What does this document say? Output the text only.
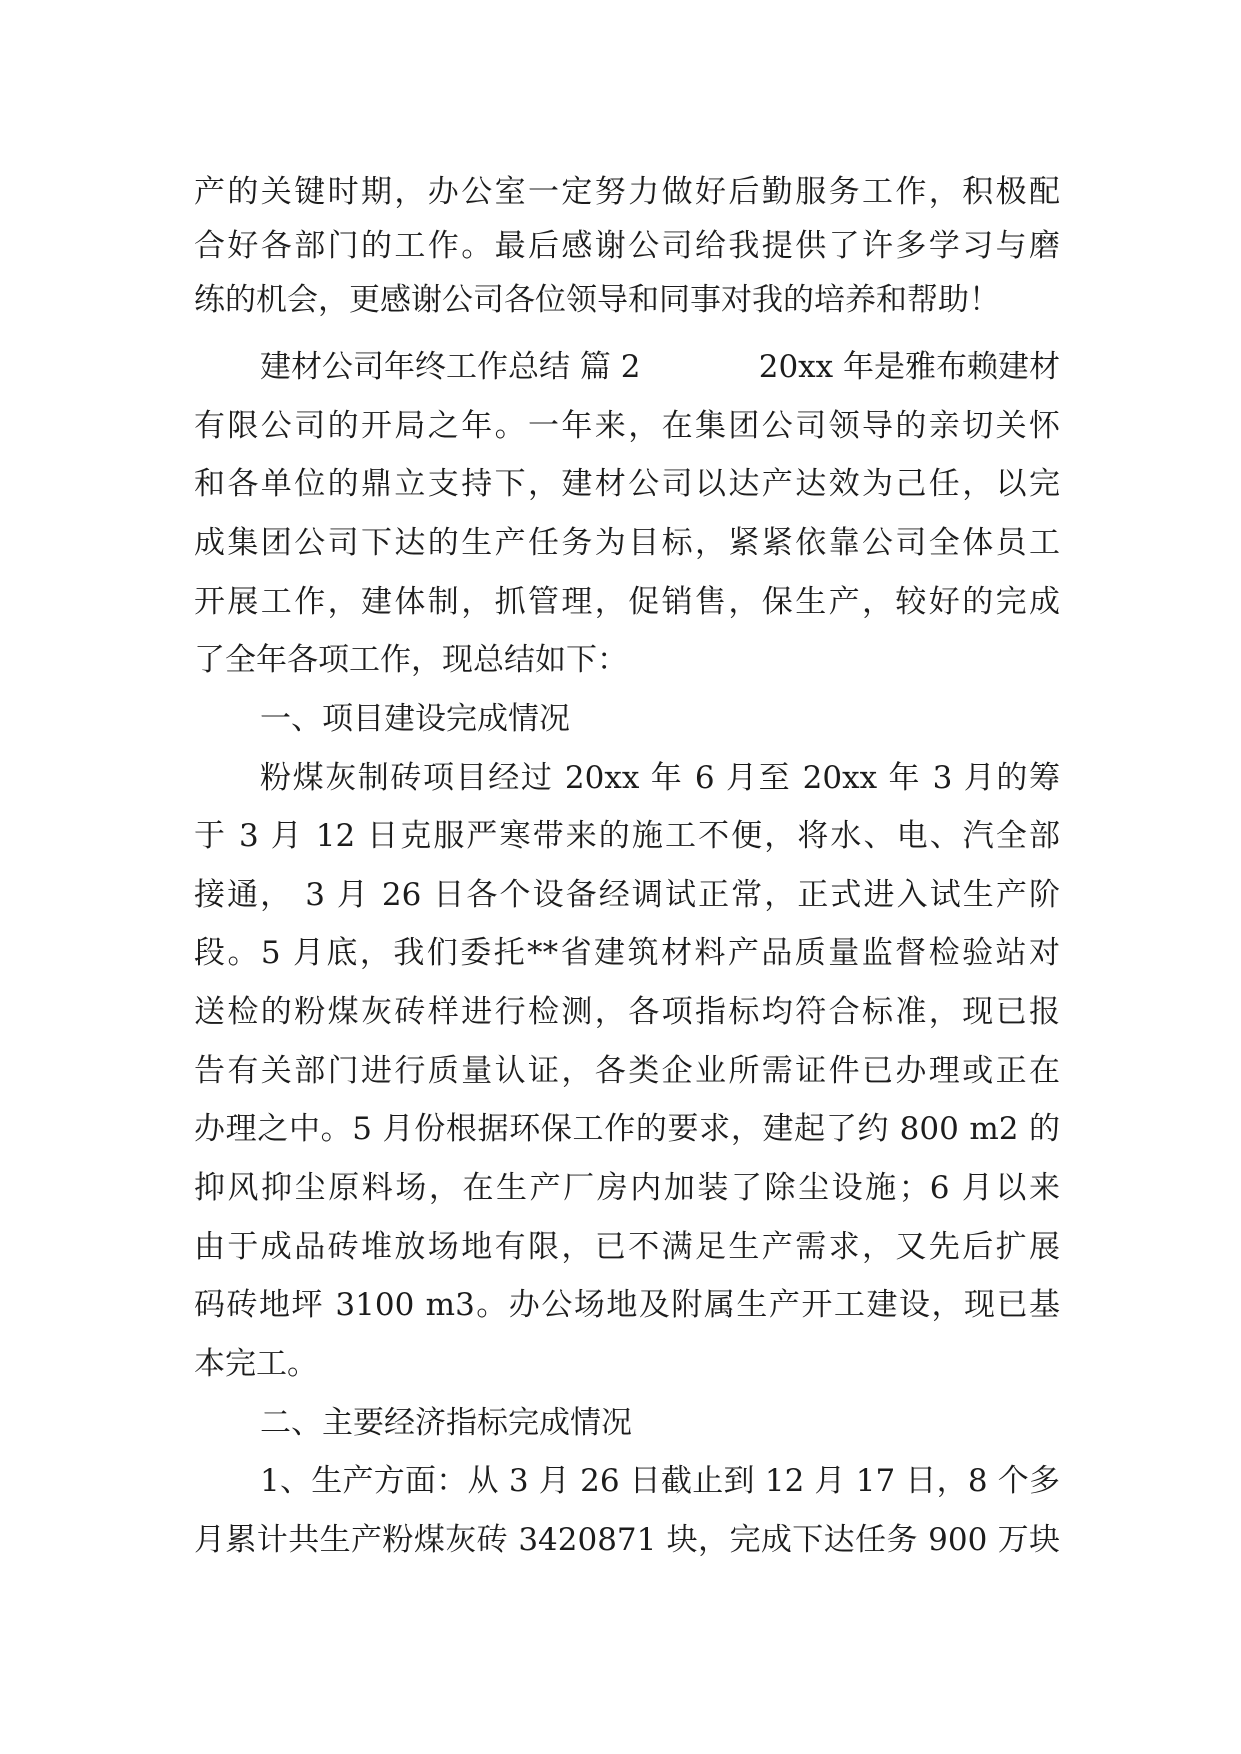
产的关键时期，办公室一定努力做好后勤服务工作，积极配
合好各部门的工作。最后感谢公司给我提供了许多学习与磨
练的机会，更感谢公司各位领导和同事对我的培养和帮助！
建材公司年终工作总结 篇 2	20xx 年是雅布赖建材
有限公司的开局之年。一年来，在集团公司领导的亲切关怀
和各单位的鼎立支持下，建材公司以达产达效为己任，以完
成集团公司下达的生产任务为目标，紧紧依靠公司全体员工
开展工作，建体制，抓管理，促销售，保生产，较好的完成
了全年各项工作，现总结如下：
一、项目建设完成情况
粉煤灰制砖项目经过 20xx 年 6 月至 20xx 年 3 月的筹
于 3 月 12 日克服严寒带来的施工不便，将水、电、汽全部
接通， 3 月 26 日各个设备经调试正常，正式进入试生产阶
段。5 月底，我们委托**省建筑材料产品质量监督检验站对
送检的粉煤灰砖样进行检测，各项指标均符合标准，现已报
告有关部门进行质量认证，各类企业所需证件已办理或正在
办理之中。5 月份根据环保工作的要求，建起了约 800 m2 的
抑风抑尘原料场，在生产厂房内加装了除尘设施；6 月以来
由于成品砖堆放场地有限，已不满足生产需求，又先后扩展
码砖地坪 3100 m3。办公场地及附属生产开工建设，现已基
本完工。
二、主要经济指标完成情况
1、生产方面：从 3 月 26 日截止到 12 月 17 日，8 个多
月累计共生产粉煤灰砖 3420871 块，完成下达任务 900 万块
